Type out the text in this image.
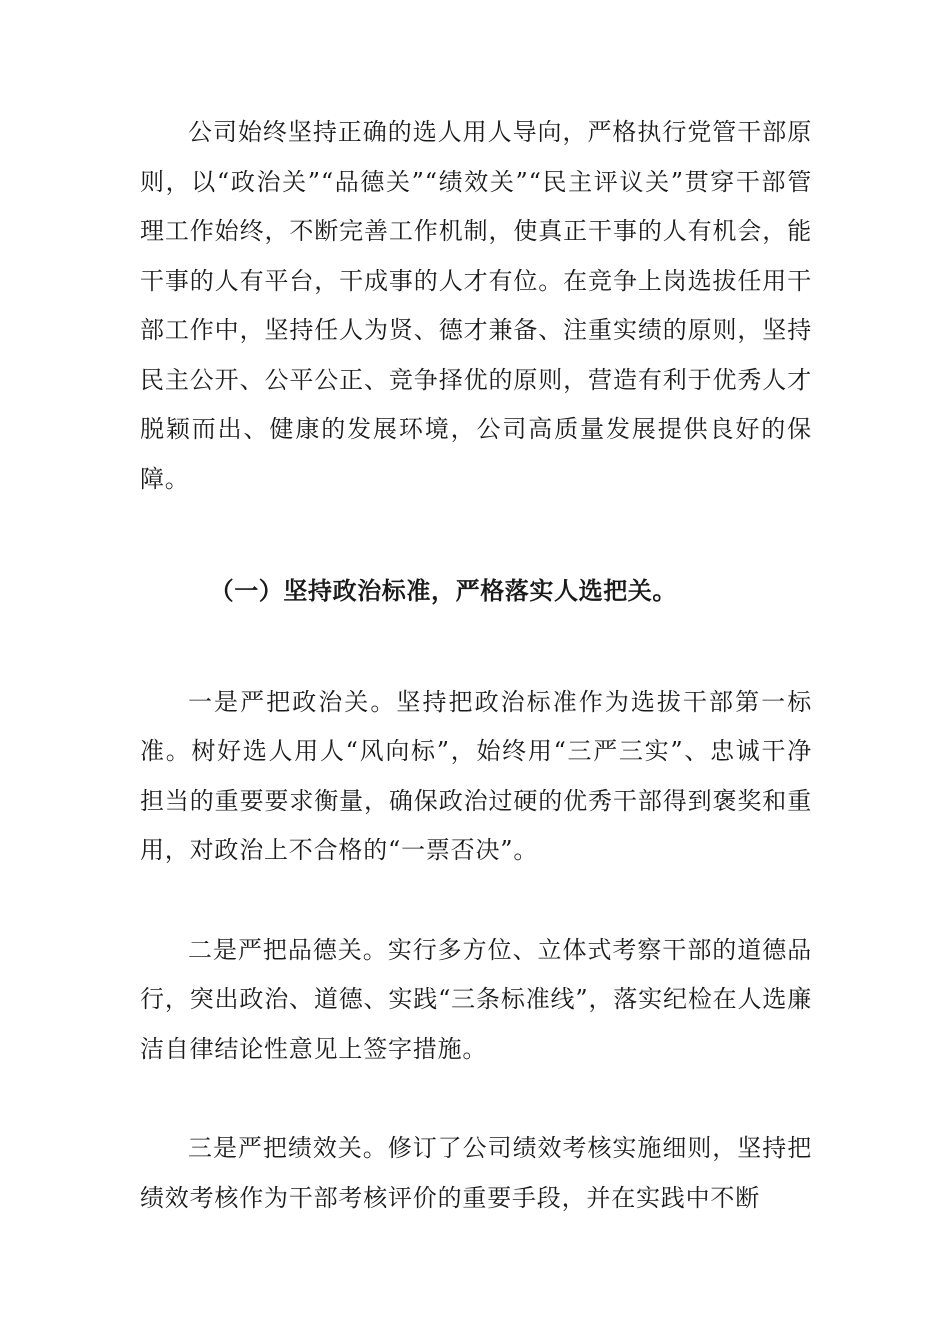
公司始终坚持正确的选人用人导向，严格执行党管干部原则，以“政治关”“品德关”“绩效关”“民主评议关”贯穿干部管理工作始终，不断完善工作机制，使真正干事的人有机会，能干事的人有平台，干成事的人才有位。在竞争上岗选拔任用干部工作中，坚持任人为贤、德才兼备、注重实绩的原则，坚持民主公开、公平公正、竞争择优的原则，营造有利于优秀人才脱颖而出、健康的发展环境，公司高质量发展提供良好的保障。

（一）坚持政治标准，严格落实人选把关。

一是严把政治关。坚持把政治标准作为选拔干部第一标准。树好选人用人“风向标”，始终用“三严三实”、忠诚干净担当的重要要求衡量，确保政治过硬的优秀干部得到褒奖和重用，对政治上不合格的“一票否决”。

二是严把品德关。实行多方位、立体式考察干部的道德品行，突出政治、道德、实践“三条标准线”，落实纪检在人选廉洁自律结论性意见上签字措施。

三是严把绩效关。修订了公司绩效考核实施细则，坚持把绩效考核作为干部考核评价的重要手段，并在实践中不断
